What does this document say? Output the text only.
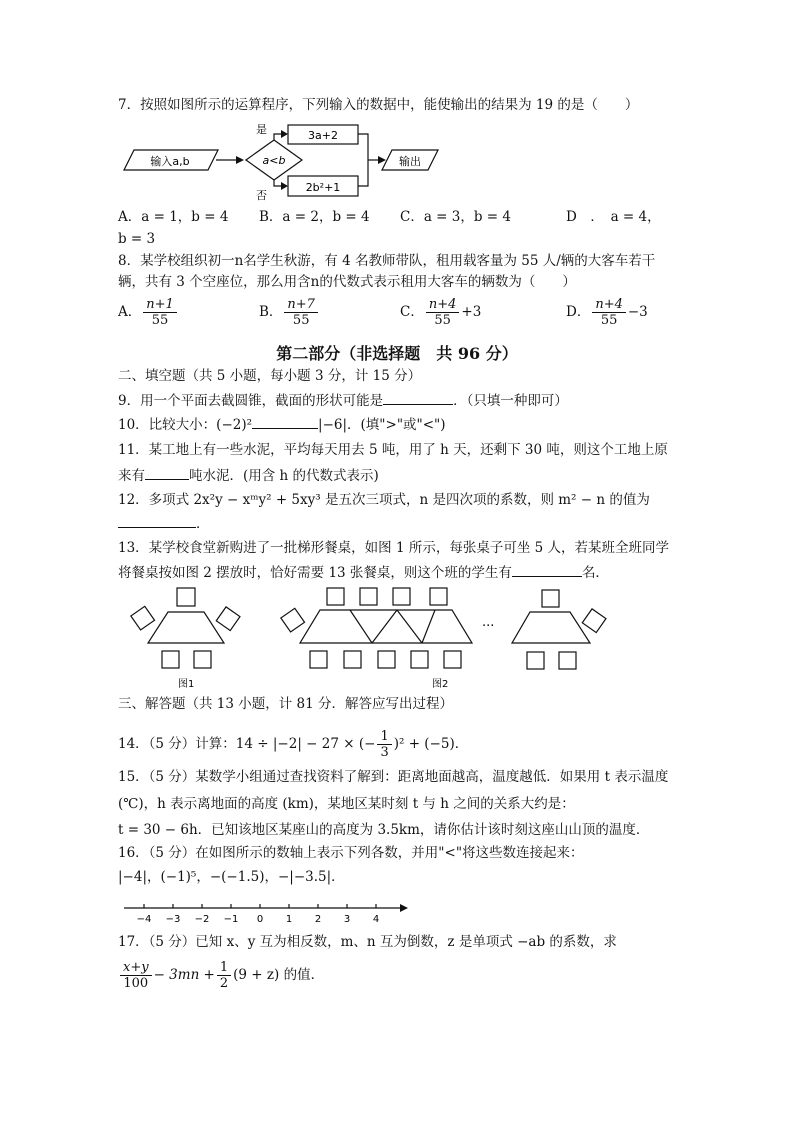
7．按照如图所示的运算程序，下列输入的数据中，能使输出的结果为 19 的是（　　）
输入a,b	a<b
是
否
3a+2
2b²+1
输出
A．a = 1，b = 4 B．a = 2，b = 4 C．a = 3，b = 4	D　．　a = 4，
b = 3
8．某学校组织初一n名学生秋游，有 4 名教师带队，租用载客量为 55 人/辆的大客车若干
辆，共有 3 个空座位，那么用含n的代数式表示租用大客车的辆数为（　　）
A． $\frac{n+1}{55}$	B． $\frac{n+7}{55}$	C． $\frac{n+4}{55} +3$	D． $\frac{n+4}{55} -3$
第二部分（非选择题　共 96 分）
二、填空题（共 5 小题，每小题 3 分，计 15 分）
9．用一个平面去截圆锥，截面的形状可能是	．（只填一种即可）
10．比较大小：(−2)²	|−6|．(填">"或"<")
11．某工地上有一些水泥，平均每天用去 5 吨，用了 h 天，还剩下 30 吨，则这个工地上原
来有	吨水泥．(用含 h 的代数式表示)
12．多项式 2x²y − xᵐy² + 5xy³ 是五次三项式，n 是四次项的系数，则 m² − n 的值为
．
13．某学校食堂新购进了一批梯形餐桌，如图 1 所示，每张桌子可坐 5 人，若某班全班同学
将餐桌按如图 2 摆放时，恰好需要 13 张餐桌，则这个班的学生有	名．
图1	图2
···
三、解答题（共 13 小题，计 81 分．解答应写出过程）
14．（5 分）计算：14 ÷ |−2| − 27 × (− $\frac{1}{3} )^2 + (-5)$．
15．（5 分）某数学小组通过查找资料了解到：距离地面越高，温度越低．如果用 t 表示温度
(℃)，h 表示离地面的高度 (km)，某地区某时刻 t 与 h 之间的关系大约是：
t = 30 − 6h．已知该地区某座山的高度为 3.5km，请你估计该时刻这座山山顶的温度．
16．（5 分）在如图所示的数轴上表示下列各数，并用"<"将这些数连接起来：
|−4|，(−1)⁵，−(−1.5)，−|−3.5|．
−4 −3 −2 −1 0 1 2 3 4
17．（5 分）已知 x、y 互为相反数，m、n 互为倒数，z 是单项式 −ab 的系数，求
$\frac{x+y}{100} - 3mn + \frac{1}{2} (9 + z)$ 的值．
